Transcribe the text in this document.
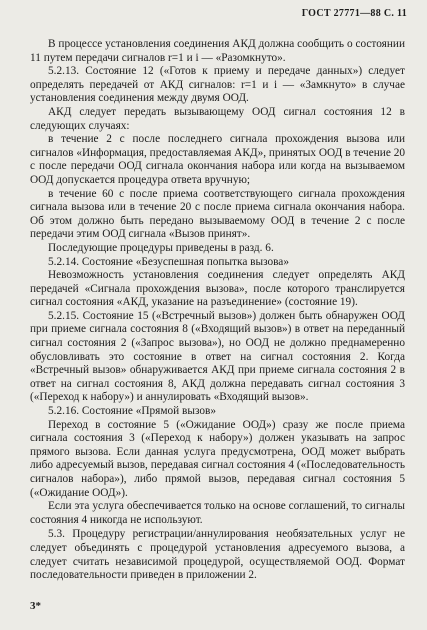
ГОСТ 27771—88 С. 11

В процессе установления соединения АКД должна сообщить о состоянии 11 путем передачи сигналов r=1 и i — «Разомкнуто».

5.2.13. Состояние 12 («Готов к приему и передаче данных») следует определять передачей от АКД сигналов: r=1 и i — «Замкнуто» в случае установления соединения между двумя ООД.

АКД следует передать вызывающему ООД сигнал состояния 12 в следующих случаях:

в течение 2 с после последнего сигнала прохождения вызова или сигналов «Информация, предоставляемая АКД», принятых ООД в течение 20 с после передачи ООД сигнала окончания набора или когда на вызываемом ООД допускается процедура ответа вручную;

в течение 60 с после приема соответствующего сигнала прохождения сигнала вызова или в течение 20 с после приема сигнала окончания набора. Об этом должно быть передано вызываемому ООД в течение 2 с после передачи этим ООД сигнала «Вызов принят».

Последующие процедуры приведены в разд. 6.

5.2.14. Состояние «Безуспешная попытка вызова»

Невозможность установления соединения следует определять АКД передачей «Сигнала прохождения вызова», после которого транслируется сигнал состояния «АКД, указание на разъединение» (состояние 19).

5.2.15. Состояние 15 («Встречный вызов») должен быть обнаружен ООД при приеме сигнала состояния 8 («Входящий вызов») в ответ на переданный сигнал состояния 2 («Запрос вызова»), но ООД не должно преднамеренно обусловливать это состояние в ответ на сигнал состояния 2. Когда «Встречный вызов» обнаруживается АКД при приеме сигнала состояния 2 в ответ на сигнал состояния 8, АКД должна передавать сигнал состояния 3 («Переход к набору») и аннулировать «Входящий вызов».

5.2.16. Состояние «Прямой вызов»

Переход в состояние 5 («Ожидание ООД») сразу же после приема сигнала состояния 3 («Переход к набору») должен указывать на запрос прямого вызова. Если данная услуга предусмотрена, ООД может выбрать либо адресуемый вызов, передавая сигнал состояния 4 («Последовательность сигналов набора»), либо прямой вызов, передавая сигнал состояния 5 («Ожидание ООД»).

Если эта услуга обеспечивается только на основе соглашений, то сигналы состояния 4 никогда не используют.

5.3. Процедуру регистрации/аннулирования необязательных услуг не следует объединять с процедурой установления адресуемого вызова, а следует считать независимой процедурой, осуществляемой ООД. Формат последовательности приведен в приложении 2.

3*
